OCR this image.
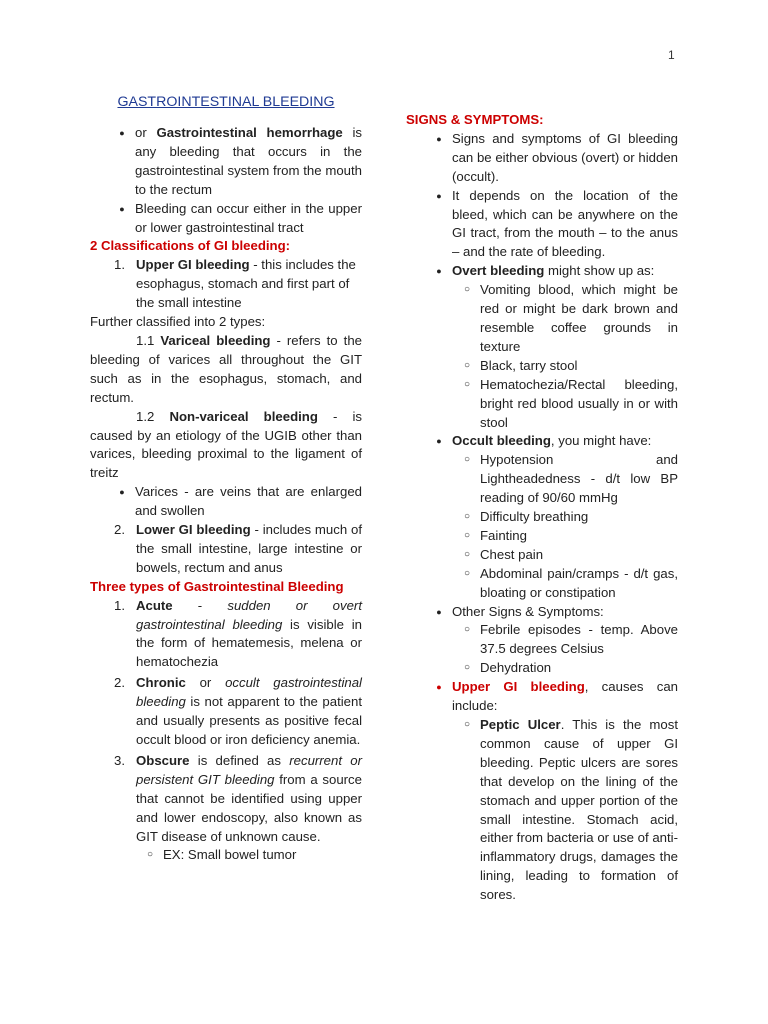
1
GASTROINTESTINAL BLEEDING
● or Gastrointestinal hemorrhage is any bleeding that occurs in the gastrointestinal system from the mouth to the rectum
● Bleeding can occur either in the upper or lower gastrointestinal tract
2 Classifications of GI bleeding:
1. Upper GI bleeding - this includes the
esophagus, stomach and first part of the small intestine

Further classified into 2 types:

1.1 Variceal bleeding - refers to the bleeding of varices all throughout the GIT such as in the esophagus, stomach, and rectum.

1.2 Non-variceal bleeding - is caused by an etiology of the UGIB other than varices, bleeding proximal to the ligament of treitz

● Varices - are veins that are enlarged and swollen
2. Lower GI bleeding - includes much of the small intestine, large intestine or bowels, rectum and anus
Three types of Gastrointestinal Bleeding
1. Acute - sudden or overt gastrointestinal bleeding is visible in the form of hematemesis, melena or hematochezia
2. Chronic or occult gastrointestinal bleeding is not apparent to the patient and usually presents as positive fecal occult blood or iron deficiency anemia.
3. Obscure is defined as recurrent or persistent GIT bleeding from a source that cannot be identified using upper and lower endoscopy, also known as GIT disease of unknown cause.
○ EX: Small bowel tumor
SIGNS & SYMPTOMS:
● Signs and symptoms of GI bleeding can be either obvious (overt) or hidden (occult).
● It depends on the location of the bleed, which can be anywhere on the GI tract, from the mouth – to the anus – and the rate of bleeding.
● Overt bleeding might show up as:
○ Vomiting blood, which might be red or might be dark brown and resemble coffee grounds in texture
○ Black, tarry stool
○ Hematochezia/Rectal bleeding, bright red blood usually in or with stool
● Occult bleeding, you might have:
○ Hypotension and Lightheadedness - d/t low BP reading of 90/60 mmHg
○ Difficulty breathing
○ Fainting
○ Chest pain
○ Abdominal pain/cramps - d/t gas, bloating or constipation
● Other Signs & Symptoms:
○ Febrile episodes - temp. Above 37.5 degrees Celsius
○ Dehydration
● Upper GI bleeding, causes can include:
○ Peptic Ulcer. This is the most common cause of upper GI bleeding. Peptic ulcers are sores that develop on the lining of the stomach and upper portion of the small intestine. Stomach acid, either from bacteria or use of anti-inflammatory drugs, damages the lining, leading to formation of sores.
